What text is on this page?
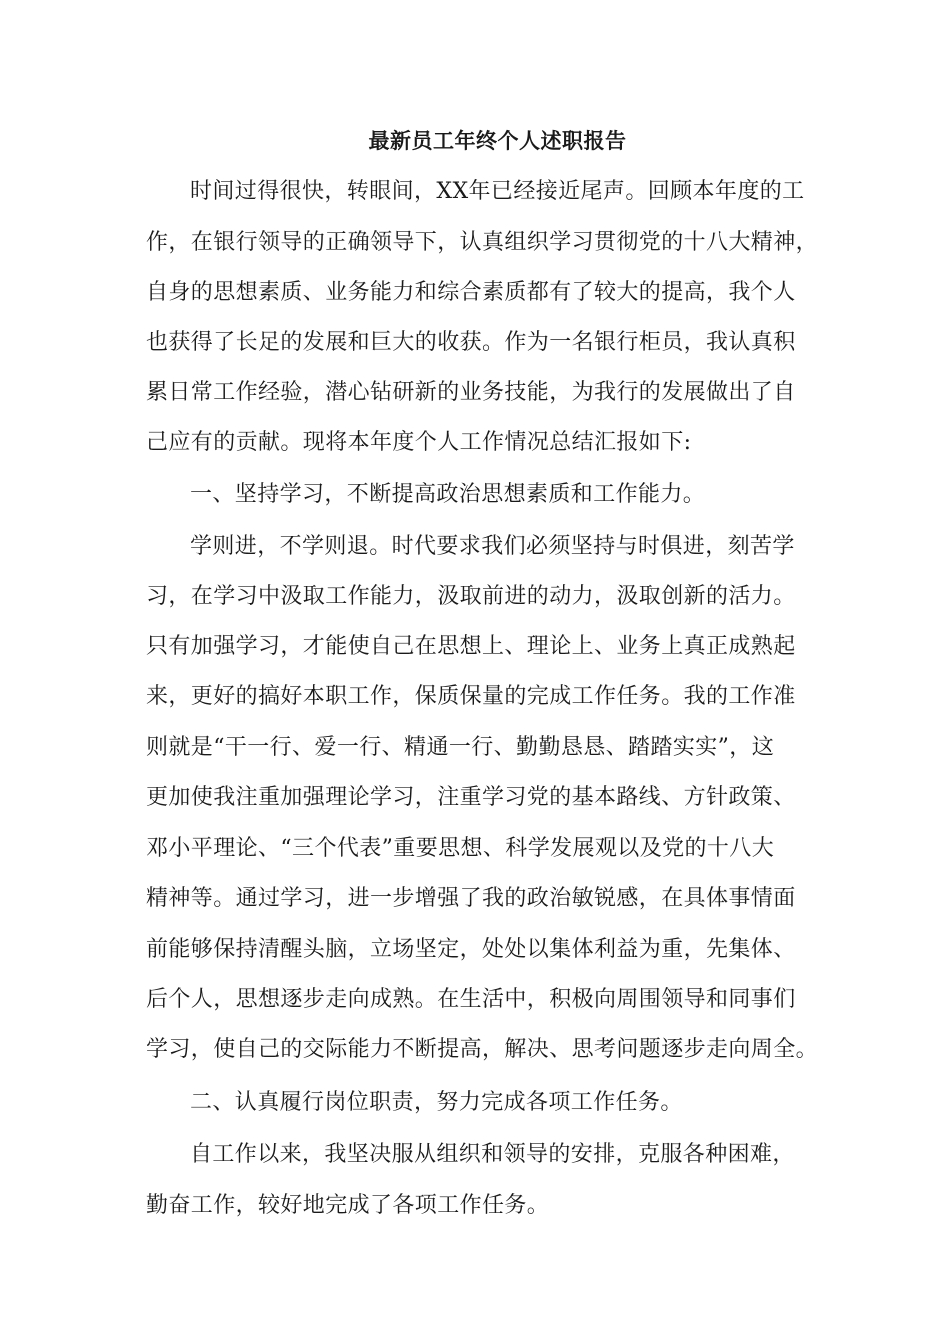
最新员工年终个人述职报告
时间过得很快，转眼间，XX年已经接近尾声。回顾本年度的工
作，在银行领导的正确领导下，认真组织学习贯彻党的十八大精神，
自身的思想素质、业务能力和综合素质都有了较大的提高，我个人
也获得了长足的发展和巨大的收获。作为一名银行柜员，我认真积
累日常工作经验，潜心钻研新的业务技能，为我行的发展做出了自
己应有的贡献。现将本年度个人工作情况总结汇报如下:
一、坚持学习，不断提高政治思想素质和工作能力。
学则进，不学则退。时代要求我们必须坚持与时俱进，刻苦学
习，在学习中汲取工作能力，汲取前进的动力，汲取创新的活力。
只有加强学习，才能使自己在思想上、理论上、业务上真正成熟起
来，更好的搞好本职工作，保质保量的完成工作任务。我的工作准
则就是“干一行、爱一行、精通一行、勤勤恳恳、踏踏实实”，这
更加使我注重加强理论学习，注重学习党的基本路线、方针政策、
邓小平理论、“三个代表”重要思想、科学发展观以及党的十八大
精神等。通过学习，进一步增强了我的政治敏锐感，在具体事情面
前能够保持清醒头脑，立场坚定，处处以集体利益为重，先集体、
后个人，思想逐步走向成熟。在生活中，积极向周围领导和同事们
学习，使自己的交际能力不断提高，解决、思考问题逐步走向周全。
二、认真履行岗位职责，努力完成各项工作任务。
自工作以来，我坚决服从组织和领导的安排，克服各种困难，
勤奋工作，较好地完成了各项工作任务。
